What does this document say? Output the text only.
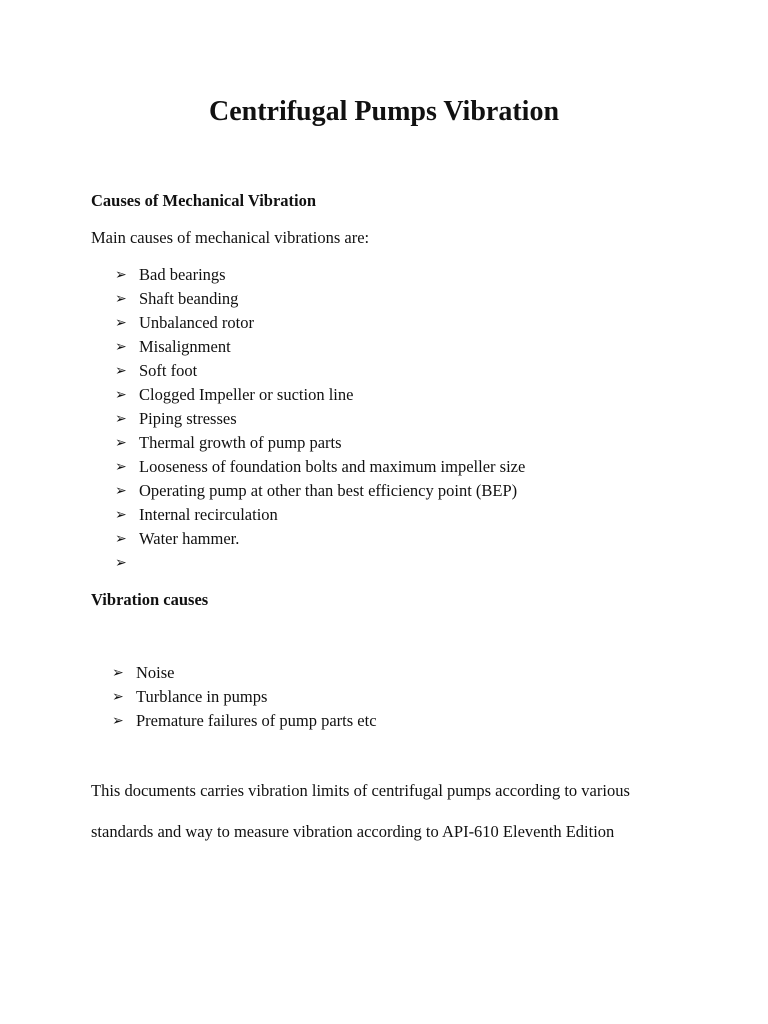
Centrifugal Pumps Vibration
Causes of Mechanical Vibration
Main causes of mechanical vibrations are:
➢ Bad bearings
➢ Shaft beanding
➢ Unbalanced rotor
➢ Misalignment
➢ Soft foot
➢ Clogged Impeller or suction line
➢ Piping stresses
➢ Thermal growth of pump parts
➢ Looseness of foundation bolts and maximum impeller size
➢ Operating pump at other than best efficiency point (BEP)
➢ Internal recirculation
➢ Water hammer.
➢
Vibration causes
➢ Noise
➢ Turblance in pumps
➢ Premature failures of pump parts etc
This documents carries vibration limits of centrifugal pumps according to various
standards and way to measure vibration according to API-610 Eleventh Edition
